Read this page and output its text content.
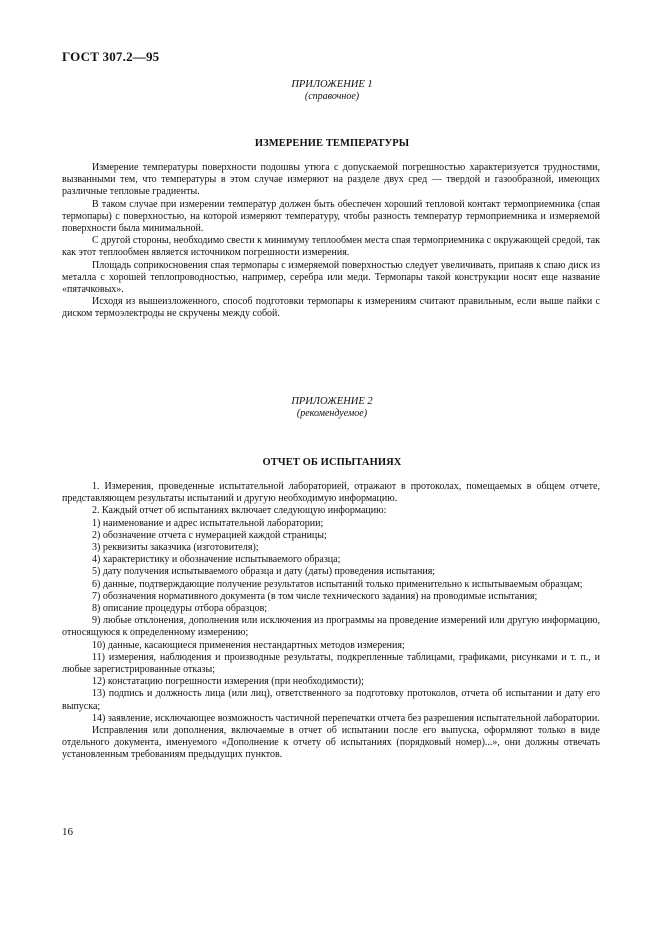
ГОСТ 307.2—95
ПРИЛОЖЕНИЕ 1
(справочное)
ИЗМЕРЕНИЕ ТЕМПЕРАТУРЫ

Измерение температуры поверхности подошвы утюга с допускаемой погрешностью характеризуется трудностями, вызванными тем, что температуры в этом случае измеряют на разделе двух сред — твердой и газообразной, имеющих различные тепловые градиенты.

В таком случае при измерении температур должен быть обеспечен хороший тепловой контакт термоприемника (спая термопары) с поверхностью, на которой измеряют температуру, чтобы разность температур термоприемника и измеряемой поверхности была минимальной.

С другой стороны, необходимо свести к минимуму теплообмен места спая термоприемника с окружающей средой, так как этот теплообмен является источником погрешности измерения.

Площадь соприкосновения спая термопары с измеряемой поверхностью следует увеличивать, припаяв к спаю диск из металла с хорошей теплопроводностью, например, серебра или меди. Термопары такой конструкции носят еще название «пятачковых».

Исходя из вышеизложенного, способ подготовки термопары к измерениям считают правильным, если выше пайки с диском термоэлектроды не скручены между собой.

ПРИЛОЖЕНИЕ 2
(рекомендуемое)
ОТЧЕТ ОБ ИСПЫТАНИЯХ

1. Измерения, проведенные испытательной лабораторией, отражают в протоколах, помещаемых в общем отчете, представляющем результаты испытаний и другую необходимую информацию.

2. Каждый отчет об испытаниях включает следующую информацию:

1) наименование и адрес испытательной лаборатории;

2) обозначение отчета с нумерацией каждой страницы;

3) реквизиты заказчика (изготовителя);

4) характеристику и обозначение испытываемого образца;

5) дату получения испытываемого образца и дату (даты) проведения испытания;

6) данные, подтверждающие получение результатов испытаний только применительно к испытываемым образцам;

7) обозначения нормативного документа (в том числе технического задания) на проводимые испытания;

8) описание процедуры отбора образцов;

9) любые отклонения, дополнения или исключения из программы на проведение измерений или другую информацию, относящуюся к определенному измерению;

10) данные, касающиеся применения нестандартных методов измерения;

11) измерения, наблюдения и производные результаты, подкрепленные таблицами, графиками, рисунками и т. п., и любые зарегистрированные отказы;

12) констатацию погрешности измерения (при необходимости);

13) подпись и должность лица (или лиц), ответственного за подготовку протоколов, отчета об испытании и дату его выпуска;

14) заявление, исключающее возможность частичной перепечатки отчета без разрешения испытательной лаборатории.

Исправления или дополнения, включаемые в отчет об испытании после его выпуска, оформляют только в виде отдельного документа, именуемого «Дополнение к отчету об испытаниях (порядковый номер)...», они должны отвечать установленным требованиям предыдущих пунктов.

16
